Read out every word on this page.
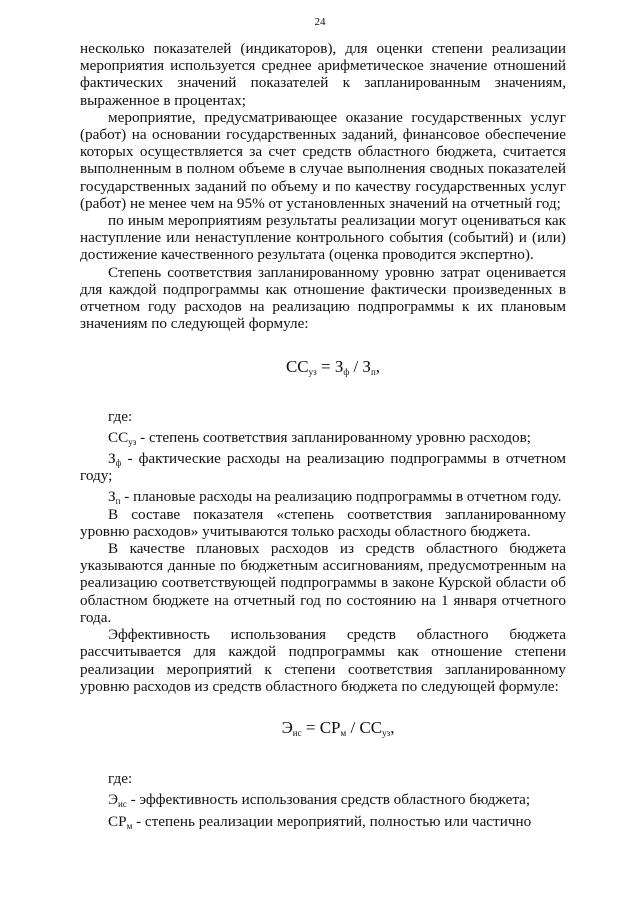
24

несколько показателей (индикаторов), для оценки степени реализации мероприятия используется среднее арифметическое значение отношений фактических значений показателей к запланированным значениям, выраженное в процентах;

мероприятие, предусматривающее оказание государственных услуг (работ) на основании государственных заданий, финансовое обеспечение которых осуществляется за счет средств областного бюджета, считается выполненным в полном объеме в случае выполнения сводных показателей государственных заданий по объему и по качеству государственных услуг (работ) не менее чем на 95% от установленных значений на отчетный год;

по иным мероприятиям результаты реализации могут оцениваться как наступление или ненаступление контрольного события (событий) и (или) достижение качественного результата (оценка проводится экспертно).

Степень соответствия запланированному уровню затрат оценивается для каждой подпрограммы как отношение фактически произведенных в отчетном году расходов на реализацию подпрограммы к их плановым значениям по следующей формуле:

$СС_{уз} = З_ф / З_п$,

где:

$СС_{уз}$ - степень соответствия запланированному уровню расходов;

$З_ф$ - фактические расходы на реализацию подпрограммы в отчетном году;

$З_п$ - плановые расходы на реализацию подпрограммы в отчетном году.

В составе показателя «степень соответствия запланированному уровню расходов» учитываются только расходы областного бюджета.

В качестве плановых расходов из средств областного бюджета указываются данные по бюджетным ассигнованиям, предусмотренным на реализацию соответствующей подпрограммы в законе Курской области об областном бюджете на отчетный год по состоянию на 1 января отчетного года.

Эффективность использования средств областного бюджета рассчитывается для каждой подпрограммы как отношение степени реализации мероприятий к степени соответствия запланированному уровню расходов из средств областного бюджета по следующей формуле:

$Э_{ис} = СР_м / СС_{уз}$,

где:

$Э_{ис}$ - эффективность использования средств областного бюджета;

$СР_м$ - степень реализации мероприятий, полностью или частично
